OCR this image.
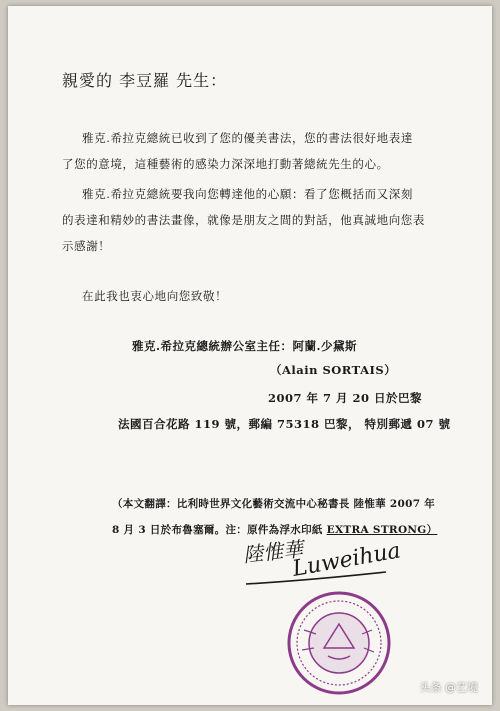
親愛的 李豆羅 先生：
雅克.希拉克總統已收到了您的優美書法，您的書法很好地表達
了您的意境，這種藝術的感染力深深地打動著總統先生的心。
雅克.希拉克總統要我向您轉達他的心願：看了您概括而又深刻
的表達和精妙的書法畫像，就像是朋友之間的對話，他真誠地向您表
示感謝！
在此我也衷心地向您致敬！
雅克.希拉克總統辦公室主任：阿蘭.少黛斯
（Alain SORTAIS）
2007 年 7 月 20 日於巴黎
法國百合花路 119 號，郵編 75318 巴黎， 特別郵遞 07 號
（本文翻譯：比利時世界文化藝術交流中心秘書長 陸惟華 2007 年
8 月 3 日於布魯塞爾。注：原件為浮水印紙 EXTRA STRONG）
陸惟華
Luweihua
头条 @艺境
